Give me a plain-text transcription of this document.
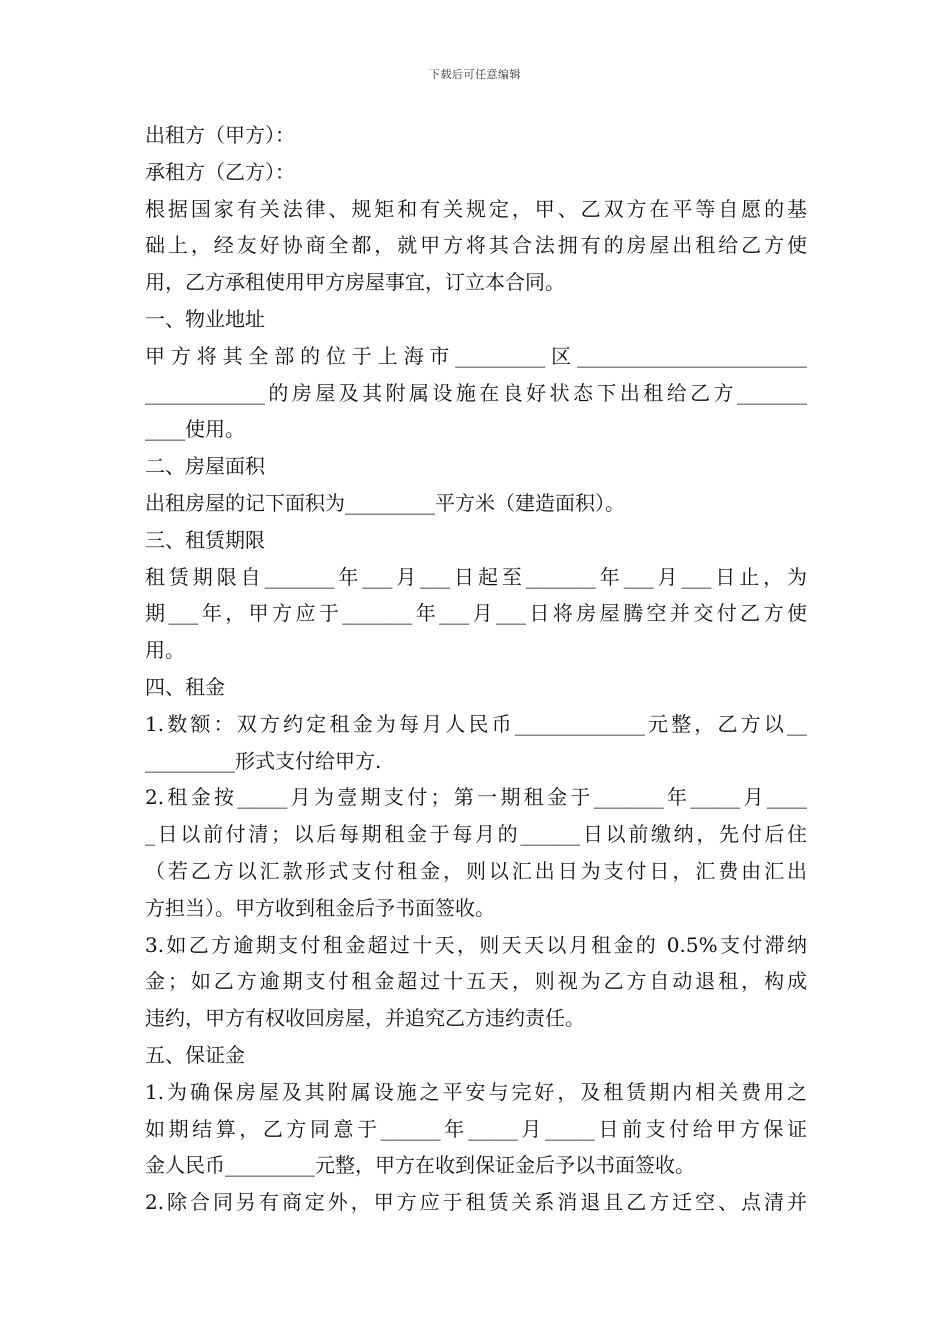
下载后可任意编辑
出租方（甲方）：
承租方（乙方）：
根据国家有关法律、规矩和有关规定，甲、乙双方在平等自愿的基
础上，经友好协商全都，就甲方将其合法拥有的房屋出租给乙方使
用，乙方承租使用甲方房屋事宜，订立本合同。
一、物业地址
甲方将其全部的位于上海市_________区_______________________
____________的房屋及其附属设施在良好状态下出租给乙方_______
____使用。
二、房屋面积
出租房屋的记下面积为_________平方米（建造面积）。
三、租赁期限
租赁期限自_______年___月___日起至_______年___月___日止，为
期___年，甲方应于_______年___月___日将房屋腾空并交付乙方使
用。
四、租金
1.数额：双方约定租金为每月人民币_____________元整，乙方以__
_________形式支付给甲方.
2.租金按_____月为壹期支付；第一期租金于_______年_____月____
_日以前付清；以后每期租金于每月的______日以前缴纳，先付后住
（若乙方以汇款形式支付租金，则以汇出日为支付日，汇费由汇出
方担当）。甲方收到租金后予书面签收。
3.如乙方逾期支付租金超过十天，则天天以月租金的 0.5%支付滞纳
金；如乙方逾期支付租金超过十五天，则视为乙方自动退租，构成
违约，甲方有权收回房屋，并追究乙方违约责任。
五、保证金
1.为确保房屋及其附属设施之平安与完好，及租赁期内相关费用之
如期结算，乙方同意于______年_____月_____日前支付给甲方保证
金人民币_________元整，甲方在收到保证金后予以书面签收。
2.除合同另有商定外，甲方应于租赁关系消退且乙方迁空、点清并
